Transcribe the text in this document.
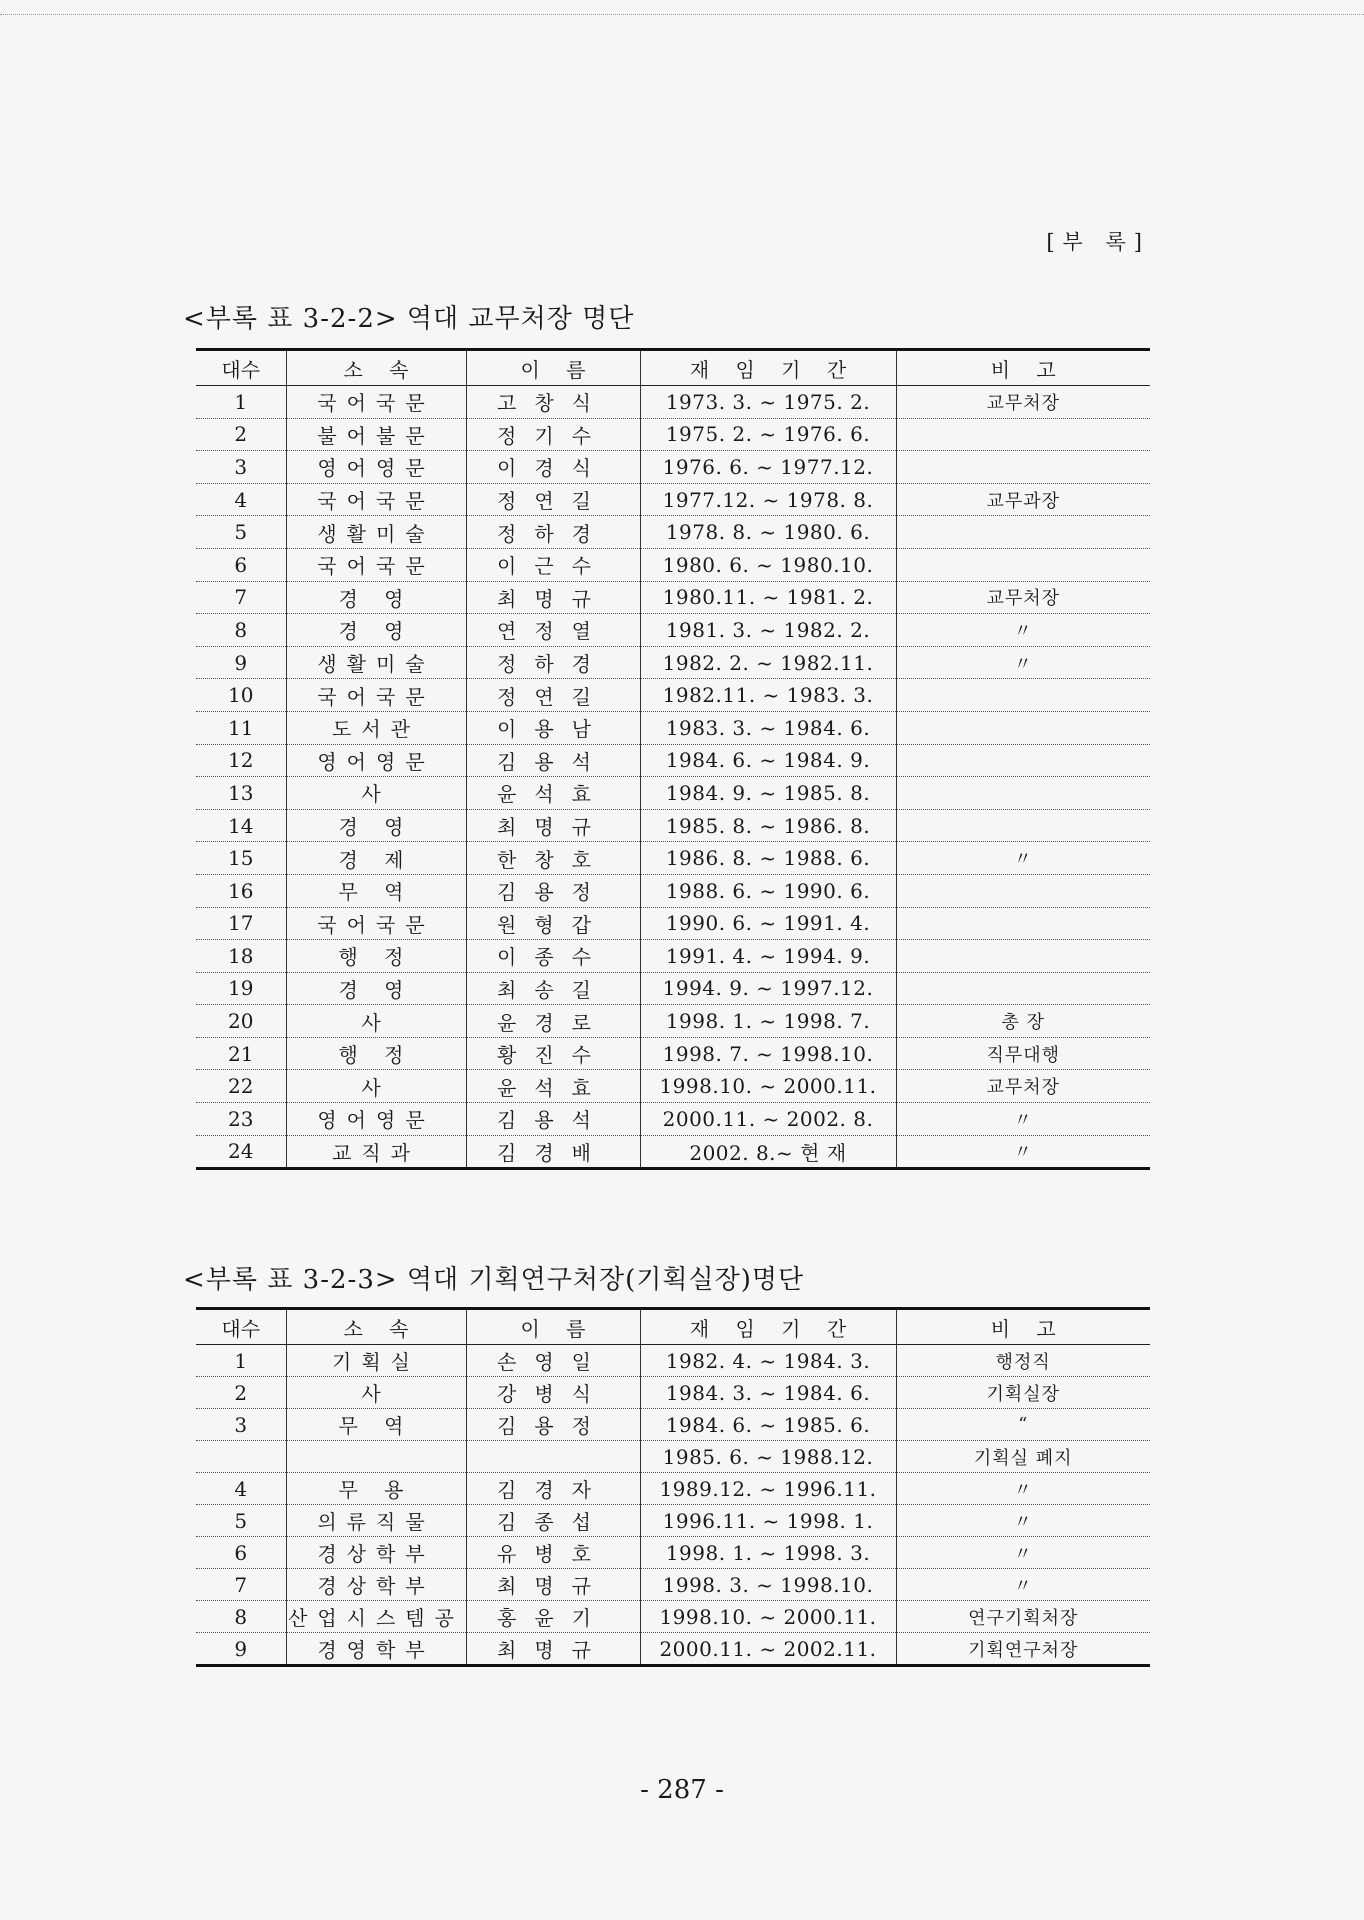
[부 록]
<부록 표 3-2-2> 역대 교무처장 명단
대수	소 속	이 름	재 임 기 간	비 고
1	국어국문	고창식	1973. 3. ~ 1975. 2.	교무처장
2	불어불문	정기수	1975. 2. ~ 1976. 6.	
3	영어영문	이경식	1976. 6. ~ 1977.12.	
4	국어국문	정연길	1977.12. ~ 1978. 8.	교무과장
5	생활미술	정하경	1978. 8. ~ 1980. 6.	
6	국어국문	이근수	1980. 6. ~ 1980.10.	
7	경 영	최명규	1980.11. ~ 1981. 2.	교무처장
8	경 영	연정열	1981. 3. ~ 1982. 2.	〃
9	생활미술	정하경	1982. 2. ~ 1982.11.	〃
10	국어국문	정연길	1982.11. ~ 1983. 3.	
11	도서관	이용남	1983. 3. ~ 1984. 6.	
12	영어영문	김용석	1984. 6. ~ 1984. 9.	
13	사	윤석효	1984. 9. ~ 1985. 8.	
14	경 영	최명규	1985. 8. ~ 1986. 8.	
15	경 제	한창호	1986. 8. ~ 1988. 6.	〃
16	무 역	김용정	1988. 6. ~ 1990. 6.	
17	국어국문	원형갑	1990. 6. ~ 1991. 4.	
18	행 정	이종수	1991. 4. ~ 1994. 9.	
19	경 영	최송길	1994. 9. ~ 1997.12.	
20	사	윤경로	1998. 1. ~ 1998. 7.	총 장
21	행 정	황진수	1998. 7. ~ 1998.10.	직무대행
22	사	윤석효	1998.10. ~ 2000.11.	교무처장
23	영어영문	김용석	2000.11. ~ 2002. 8.	〃
24	교직과	김경배	2002. 8.~ 현 재	〃
<부록 표 3-2-3> 역대 기획연구처장(기획실장)명단
대수	소 속	이 름	재 임 기 간	비 고
1	기획실	손영일	1982. 4. ~ 1984. 3.	행정직
2	사	강병식	1984. 3. ~ 1984. 6.	기획실장
3	무 역	김용정	1984. 6. ~ 1985. 6.	“
			1985. 6. ~ 1988.12.	기획실 폐지
4	무 용	김경자	1989.12. ~ 1996.11.	〃
5	의류직물	김종섭	1996.11. ~ 1998. 1.	〃
6	경상학부	유병호	1998. 1. ~ 1998. 3.	〃
7	경상학부	최명규	1998. 3. ~ 1998.10.	〃
8	산업시스템공	홍윤기	1998.10. ~ 2000.11.	연구기획처장
9	경영학부	최명규	2000.11. ~ 2002.11.	기획연구처장
- 287 -
